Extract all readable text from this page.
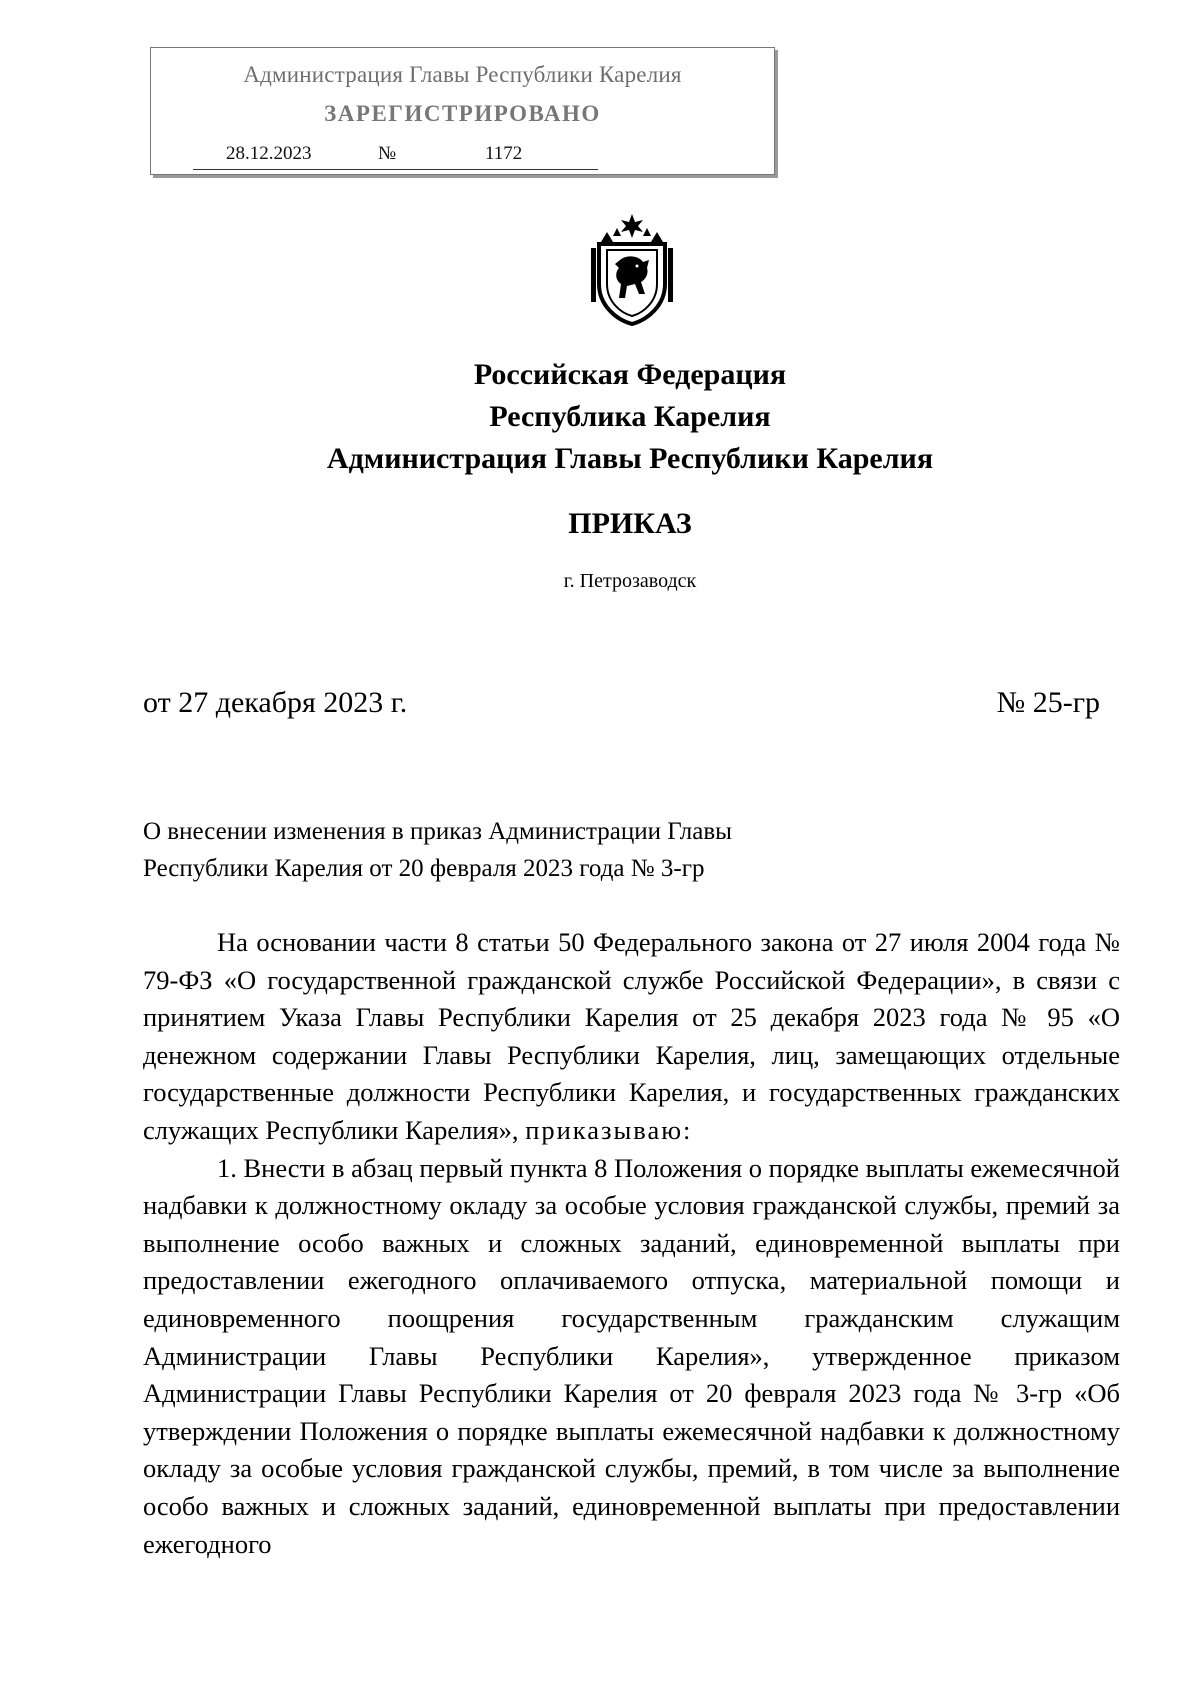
Администрация Главы Республики Карелия
ЗАРЕГИСТРИРОВАНО
28.12.2023	№	1172
Российская Федерация
Республика Карелия
Администрация Главы Республики Карелия
ПРИКАЗ
г. Петрозаводск
от 27 декабря 2023 г.	№ 25-гр
О внесении изменения в приказ Администрации Главы
Республики Карелия от 20 февраля 2023 года № 3-гр

На основании части 8 статьи 50 Федерального закона от 27 июля 2004 года № 79-ФЗ «О государственной гражданской службе Российской Федерации», в связи с принятием Указа Главы Республики Карелия от 25 декабря 2023 года № 95 «О денежном содержании Главы Республики Карелия, лиц, замещающих отдельные государственные должности Республики Карелия, и государственных гражданских служащих Республики Карелия», приказываю:

1. Внести в абзац первый пункта 8 Положения о порядке выплаты ежемесячной надбавки к должностному окладу за особые условия гражданской службы, премий за выполнение особо важных и сложных заданий, единовременной выплаты при предоставлении ежегодного оплачиваемого отпуска, материальной помощи и единовременного поощрения государственным гражданским служащим Администрации Главы Республики Карелия», утвержденное приказом Администрации Главы Республики Карелия от 20 февраля 2023 года № 3-гр «Об утверждении Положения о порядке выплаты ежемесячной надбавки к должностному окладу за особые условия гражданской службы, премий, в том числе за выполнение особо важных и сложных заданий, единовременной выплаты при предоставлении ежегодного
